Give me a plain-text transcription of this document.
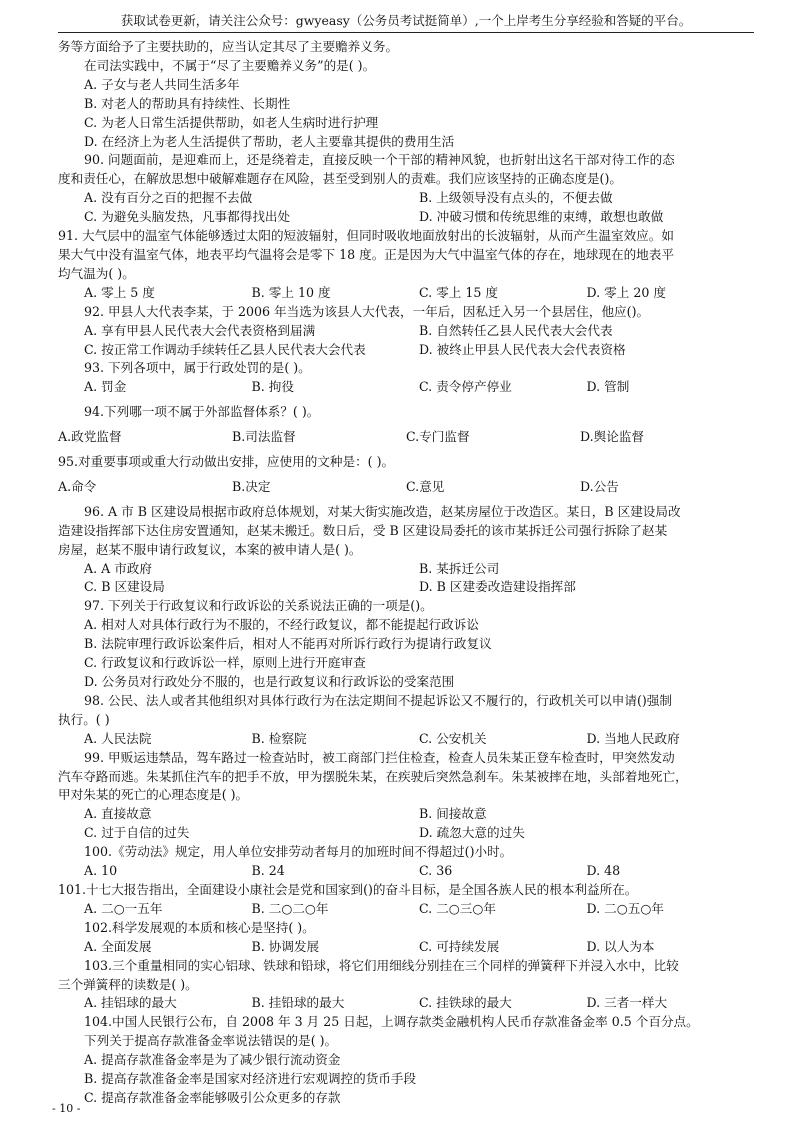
获取试卷更新，请关注公众号：gwyeasy（公务员考试挺简单）,一个上岸考生分享经验和答疑的平台。
务等方面给予了主要扶助的，应当认定其尽了主要赡养义务。
在司法实践中，不属于“尽了主要赡养义务”的是( )。
A. 子女与老人共同生活多年
B. 对老人的帮助具有持续性、长期性
C. 为老人日常生活提供帮助，如老人生病时进行护理
D. 在经济上为老人生活提供了帮助，老人主要靠其提供的费用生活
90. 问题面前，是迎难而上，还是绕着走，直接反映一个干部的精神风貌，也折射出这名干部对待工作的态
度和责任心，在解放思想中破解难题存在风险，甚至受到别人的责难。我们应该坚持的正确态度是()。
A. 没有百分之百的把握不去做	B. 上级领导没有点头的，不便去做
C. 为避免头脑发热，凡事都得找出处	D. 冲破习惯和传统思维的束缚，敢想也敢做
91. 大气层中的温室气体能够透过太阳的短波辐射，但同时吸收地面放射出的长波辐射，从而产生温室效应。如
果大气中没有温室气体，地表平均气温将会是零下 18 度。正是因为大气中温室气体的存在，地球现在的地表平
均气温为( )。
A. 零上 5 度	B. 零上 10 度	C. 零上 15 度	D. 零上 20 度
92. 甲县人大代表李某，于 2006 年当选为该县人大代表，一年后，因私迁入另一个县居住，他应()。
A. 享有甲县人民代表大会代表资格到届满	B. 自然转任乙县人民代表大会代表
C. 按正常工作调动手续转任乙县人民代表大会代表	D. 被终止甲县人民代表大会代表资格
93. 下列各项中，属于行政处罚的是( )。
A. 罚金	B. 拘役	C. 责令停产停业	D. 管制
94.下列哪一项不属于外部监督体系？( )。
A.政党监督	B.司法监督	C.专门监督	D.舆论监督
95.对重要事项或重大行动做出安排，应使用的文种是：( )。
A.命令	B.决定	C.意见	D.公告
96. A 市 B 区建设局根据市政府总体规划，对某大街实施改造，赵某房屋位于改造区。某日，B 区建设局改
造建设指挥部下达住房安置通知，赵某未搬迁。数日后，受 B 区建设局委托的该市某拆迁公司强行拆除了赵某
房屋，赵某不服申请行政复议，本案的被申请人是( )。
A. A 市政府	B. 某拆迁公司
C. B 区建设局	D. B 区建委改造建设指挥部
97. 下列关于行政复议和行政诉讼的关系说法正确的一项是()。
A. 相对人对具体行政行为不服的，不经行政复议，都不能提起行政诉讼
B. 法院审理行政诉讼案件后，相对人不能再对所诉行政行为提请行政复议
C. 行政复议和行政诉讼一样，原则上进行开庭审查
D. 公务员对行政处分不服的，也是行政复议和行政诉讼的受案范围
98. 公民、法人或者其他组织对具体行政行为在法定期间不提起诉讼又不履行的，行政机关可以申请()强制
执行。( )
A. 人民法院	B. 检察院	C. 公安机关	D. 当地人民政府
99. 甲贩运违禁品，驾车路过一检查站时，被工商部门拦住检查，检查人员朱某正登车检查时，甲突然发动
汽车夺路而逃。朱某抓住汽车的把手不放，甲为摆脱朱某，在疾驶后突然急刹车。朱某被摔在地，头部着地死亡，
甲对朱某的死亡的心理态度是( )。
A. 直接故意	B. 间接故意
C. 过于自信的过失	D. 疏忽大意的过失
100.《劳动法》规定，用人单位安排劳动者每月的加班时间不得超过()小时。
A. 10	B. 24	C. 36	D. 48
101.十七大报告指出，全面建设小康社会是党和国家到()的奋斗目标，是全国各族人民的根本利益所在。
A. 二○一五年	B. 二○二○年	C. 二○三○年	D. 二○五○年
102.科学发展观的本质和核心是坚持( )。
A. 全面发展	B. 协调发展	C. 可持续发展	D. 以人为本
103.三个重量相同的实心铝球、铁球和铅球，将它们用细线分别挂在三个同样的弹簧秤下并浸入水中，比较
三个弹簧秤的读数是( )。
A. 挂铝球的最大	B. 挂铅球的最大	C. 挂铁球的最大	D. 三者一样大
104.中国人民银行公布，自 2008 年 3 月 25 日起，上调存款类金融机构人民币存款准备金率 0.5 个百分点。
下列关于提高存款准备金率说法错误的是( )。
A. 提高存款准备金率是为了减少银行流动资金
B. 提高存款准备金率是国家对经济进行宏观调控的货币手段
C. 提高存款准备金率能够吸引公众更多的存款
- 10 -
